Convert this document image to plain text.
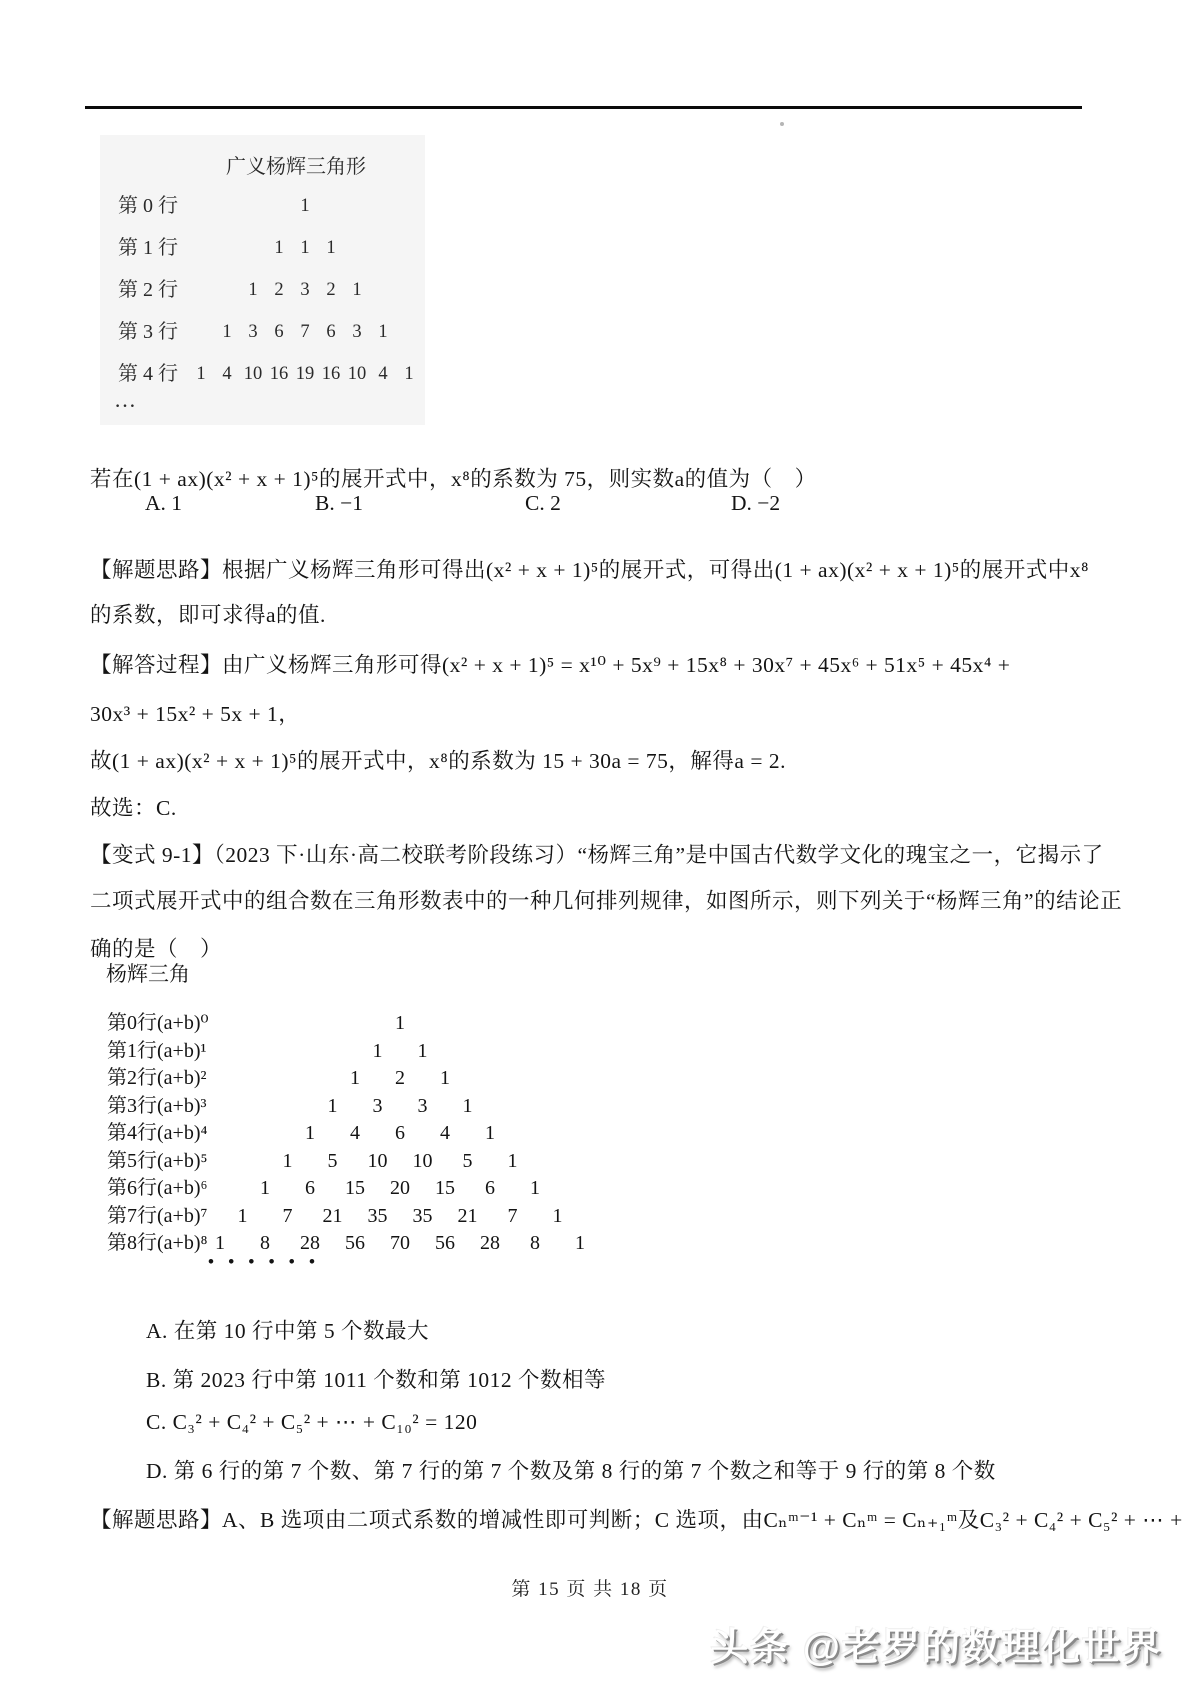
广义杨辉三角形
第 0 行	1
第 1 行	1 1 1
第 2 行	1 2 3 2 1
第 3 行	1 3 6 7 6 3 1
第 4 行 1 4 10 16 19 16 10 4 1
…

若在(1 + ax)(x² + x + 1)⁵的展开式中，x⁸的系数为 75，则实数a的值为（　）

A. 1	B. −1	C. 2	D. −2

【解题思路】根据广义杨辉三角形可得出(x² + x + 1)⁵的展开式，可得出(1 + ax)(x² + x + 1)⁵的展开式中x⁸

的系数，即可求得a的值.

【解答过程】由广义杨辉三角形可得(x² + x + 1)⁵ = x¹⁰ + 5x⁹ + 15x⁸ + 30x⁷ + 45x⁶ + 51x⁵ + 45x⁴ +

30x³ + 15x² + 5x + 1，

故(1 + ax)(x² + x + 1)⁵的展开式中，x⁸的系数为 15 + 30a = 75，解得a = 2.

故选：C.

【变式 9-1】（2023 下·山东·高二校联考阶段练习）“杨辉三角”是中国古代数学文化的瑰宝之一，它揭示了

二项式展开式中的组合数在三角形数表中的一种几何排列规律，如图所示，则下列关于“杨辉三角”的结论正

确的是（　）

杨辉三角
第0行(a+b)⁰	1
第1行(a+b)¹	1	1
第2行(a+b)²	1	2	1
第3行(a+b)³	1	3	3	1
第4行(a+b)⁴	1	4	6	4	1
第5行(a+b)⁵	1	5	10	10	5	1
第6行(a+b)⁶	1	6	15	20	15	6	1
第7行(a+b)⁷	1	7	21	35	35	21	7	1
第8行(a+b)⁸ 1	8	28	56	70	56	28	8	1
• • • • • •

A. 在第 10 行中第 5 个数最大

B. 第 2023 行中第 1011 个数和第 1012 个数相等

C. C₃² + C₄² + C₅² + ⋯ + C₁₀² = 120

D. 第 6 行的第 7 个数、第 7 行的第 7 个数及第 8 行的第 7 个数之和等于 9 行的第 8 个数

【解题思路】A、B 选项由二项式系数的增减性即可判断；C 选项，由Cₙᵐ⁻¹ + Cₙᵐ = Cₙ₊₁ᵐ及C₃² + C₄² + C₅² + ⋯ +

第 15 页 共 18 页
头条 @老罗的数理化世界
